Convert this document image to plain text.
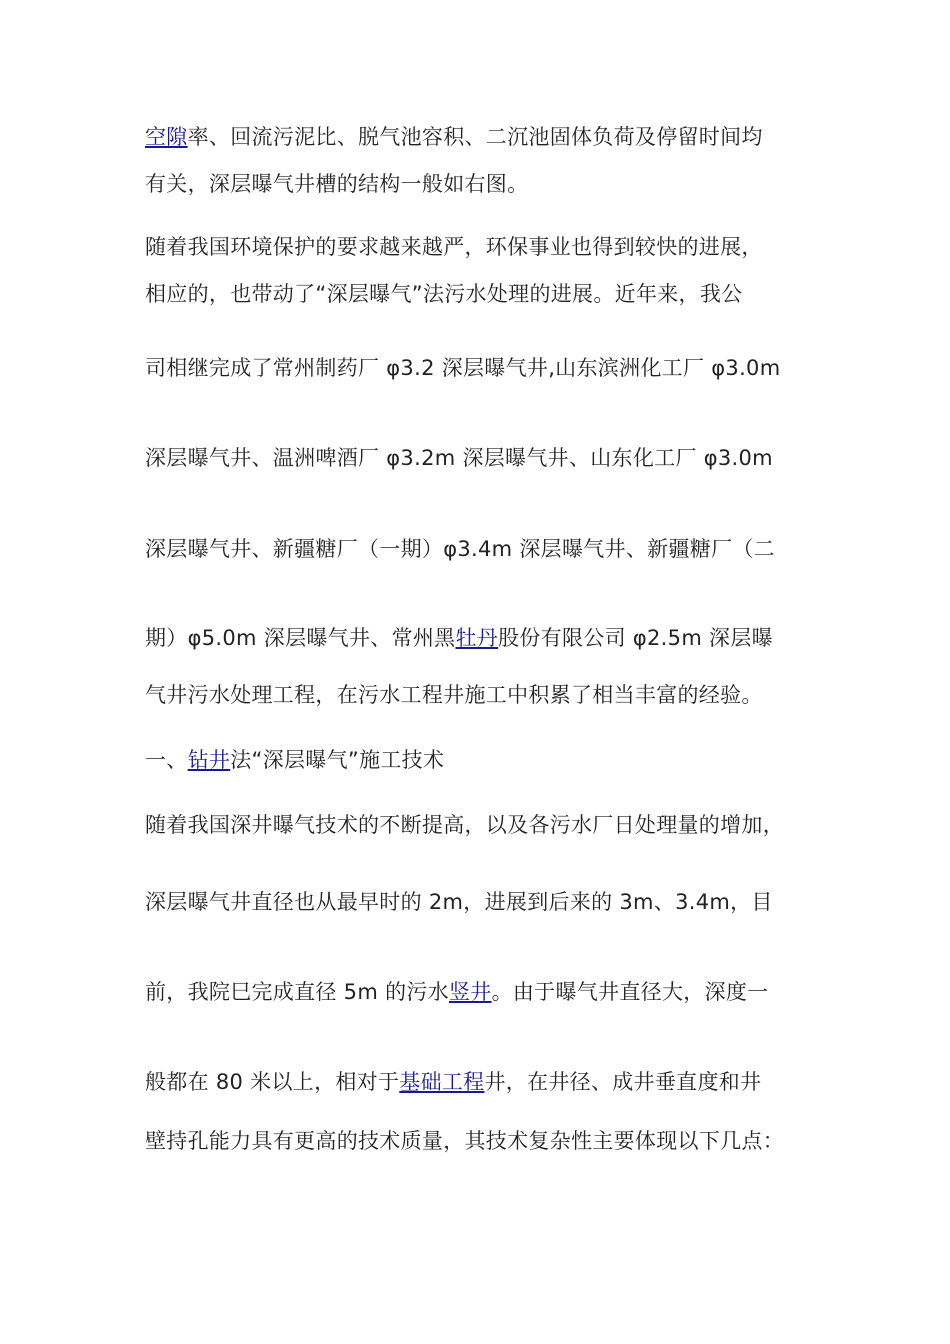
空隙率、回流污泥比、脱气池容积、二沉池固体负荷及停留时间均
有关，深层曝气井槽的结构一般如右图。
随着我国环境保护的要求越来越严，环保事业也得到较快的进展，
相应的，也带动了“深层曝气”法污水处理的进展。近年来，我公
司相继完成了常州制药厂 φ3.2 深层曝气井,山东滨洲化工厂 φ3.0m
深层曝气井、温洲啤酒厂 φ3.2m 深层曝气井、山东化工厂 φ3.0m
深层曝气井、新疆糖厂（一期）φ3.4m 深层曝气井、新疆糖厂（二
期）φ5.0m 深层曝气井、常州黑牡丹股份有限公司 φ2.5m 深层曝
气井污水处理工程，在污水工程井施工中积累了相当丰富的经验。
一、钻井法“深层曝气”施工技术
随着我国深井曝气技术的不断提高，以及各污水厂日处理量的增加，
深层曝气井直径也从最早时的 2m，进展到后来的 3m、3.4m，目
前，我院巳完成直径 5m 的污水竖井。由于曝气井直径大，深度一
般都在 80 米以上，相对于基础工程井，在井径、成井垂直度和井
壁持孔能力具有更高的技术质量，其技术复杂性主要体现以下几点：
